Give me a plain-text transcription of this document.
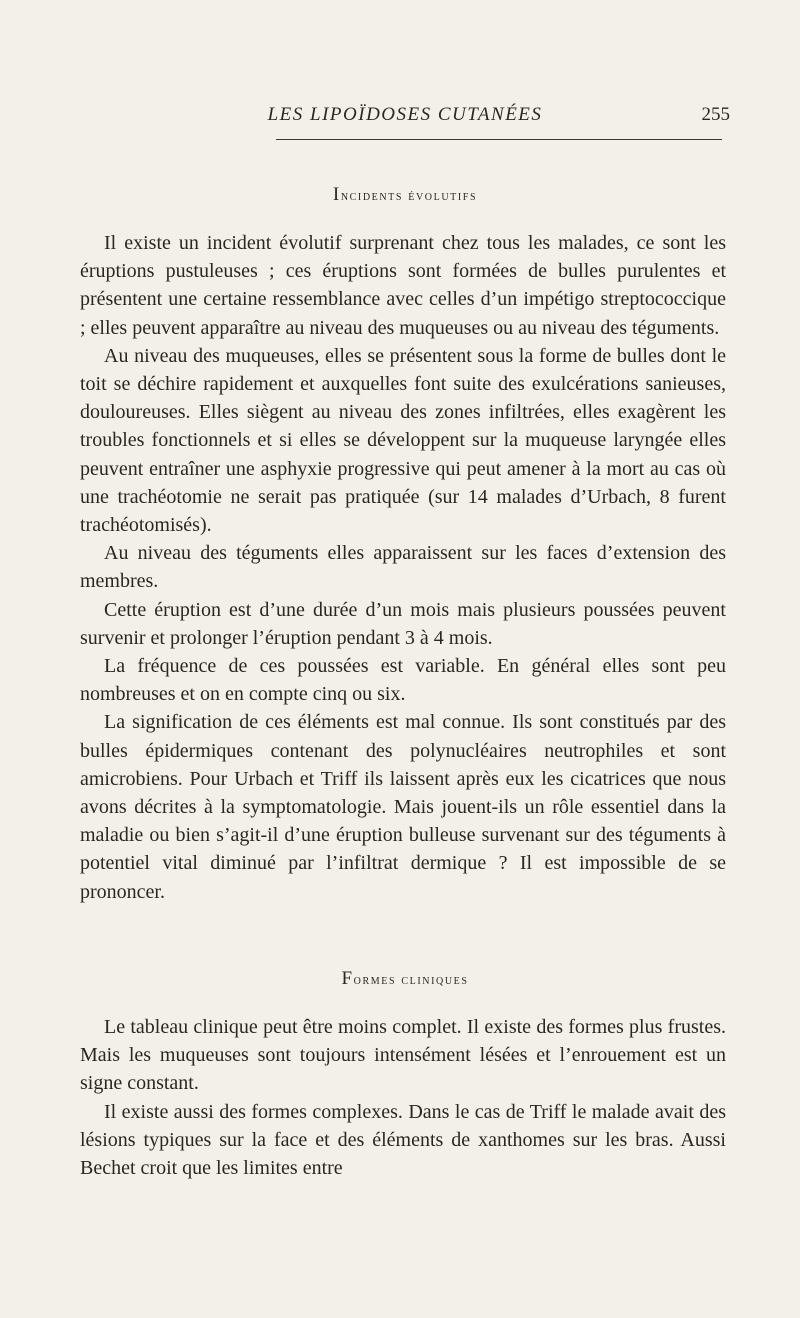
LES LIPOÏDOSES CUTANÉES	255
Incidents évolutifs

Il existe un incident évolutif surprenant chez tous les malades, ce sont les éruptions pustuleuses ; ces éruptions sont formées de bulles purulentes et présentent une certaine ressemblance avec celles d’un impétigo streptococcique ; elles peuvent apparaître au niveau des muqueuses ou au niveau des téguments.

Au niveau des muqueuses, elles se présentent sous la forme de bulles dont le toit se déchire rapidement et auxquelles font suite des exulcérations sanieuses, douloureuses. Elles siègent au niveau des zones infiltrées, elles exagèrent les troubles fonctionnels et si elles se développent sur la muqueuse laryngée elles peuvent entraîner une asphyxie progressive qui peut amener à la mort au cas où une trachéotomie ne serait pas pratiquée (sur 14 malades d’Urbach, 8 furent trachéotomisés).

Au niveau des téguments elles apparaissent sur les faces d’extension des membres.

Cette éruption est d’une durée d’un mois mais plusieurs poussées peuvent survenir et prolonger l’éruption pendant 3 à 4 mois.

La fréquence de ces poussées est variable. En général elles sont peu nombreuses et on en compte cinq ou six.

La signification de ces éléments est mal connue. Ils sont constitués par des bulles épidermiques contenant des polynucléaires neutrophiles et sont amicrobiens. Pour Urbach et Triff ils laissent après eux les cicatrices que nous avons décrites à la symptomatologie. Mais jouent-ils un rôle essentiel dans la maladie ou bien s’agit-il d’une éruption bulleuse survenant sur des téguments à potentiel vital diminué par l’infiltrat dermique ? Il est impossible de se prononcer.

Formes cliniques

Le tableau clinique peut être moins complet. Il existe des formes plus frustes. Mais les muqueuses sont toujours intensément lésées et l’enrouement est un signe constant.

Il existe aussi des formes complexes. Dans le cas de Triff le malade avait des lésions typiques sur la face et des éléments de xanthomes sur les bras. Aussi Bechet croit que les limites entre
